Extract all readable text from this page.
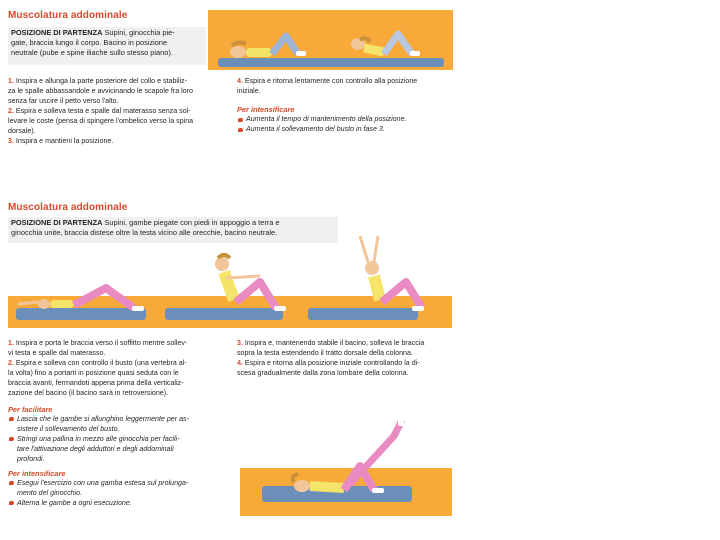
Muscolatura addominale
POSIZIONE DI PARTENZA Supini, ginocchia pie-
gate, braccia lungo il corpo. Bacino in posizione
neutrale (pube e spine iliache sullo stesso piano).

1. Inspira e allunga la parte posteriore del collo e stabiliz-

za le spalle abbassandole e avvicinando le scapole fra loro

senza far uscire il petto verso l'alto.

2. Espira e solleva testa e spalle dal materasso senza sol-

levare le coste (pensa di spingere l'ombelico verso la spina

dorsale).

3. Inspira e mantieni la posizione.

4. Espira e ritorna lentamente con controllo alla posizione

iniziale.

Per intensificare

Aumenta il tempo di mantenimento della posizione.

Aumenta il sollevamento del busto in fase 3.

Muscolatura addominale
POSIZIONE DI PARTENZA Supini, gambe piegate con piedi in appoggio a terra e
ginocchia unite, braccia distese oltre la testa vicino alle orecchie, bacino neutrale.

1. Inspira e porta le braccia verso il soffitto mentre sollev-

vi testa e spalle dal materasso.

2. Espira e solleva con controllo il busto (una vertebra al-

la volta) fino a portarti in posizione quasi seduta con le

braccia avanti, fermandoti appena prima della verticaliz-

zazione del bacino (il bacino sarà in retroversione).

Per facilitare

Lascia che le gambe si allunghino leggermente per as-

sistere il sollevamento del busto.

Stringi una pallina in mezzo alle ginocchia per facili-

tare l'attivazione degli adduttori e degli addominali

profondi.

Per intensificare

Esegui l'esercizio con una gamba estesa sul prolunga-

mento del ginocchio.

Alterna le gambe a ogni esecuzione.

3. Inspira e, mantenendo stabile il bacino, solleva le braccia

sopra la testa estendendo il tratto dorsale della colonna.

4. Espira e ritorna alla posizione iniziale controllando la di-

scesa gradualmente dalla zona lombare della colonna.
